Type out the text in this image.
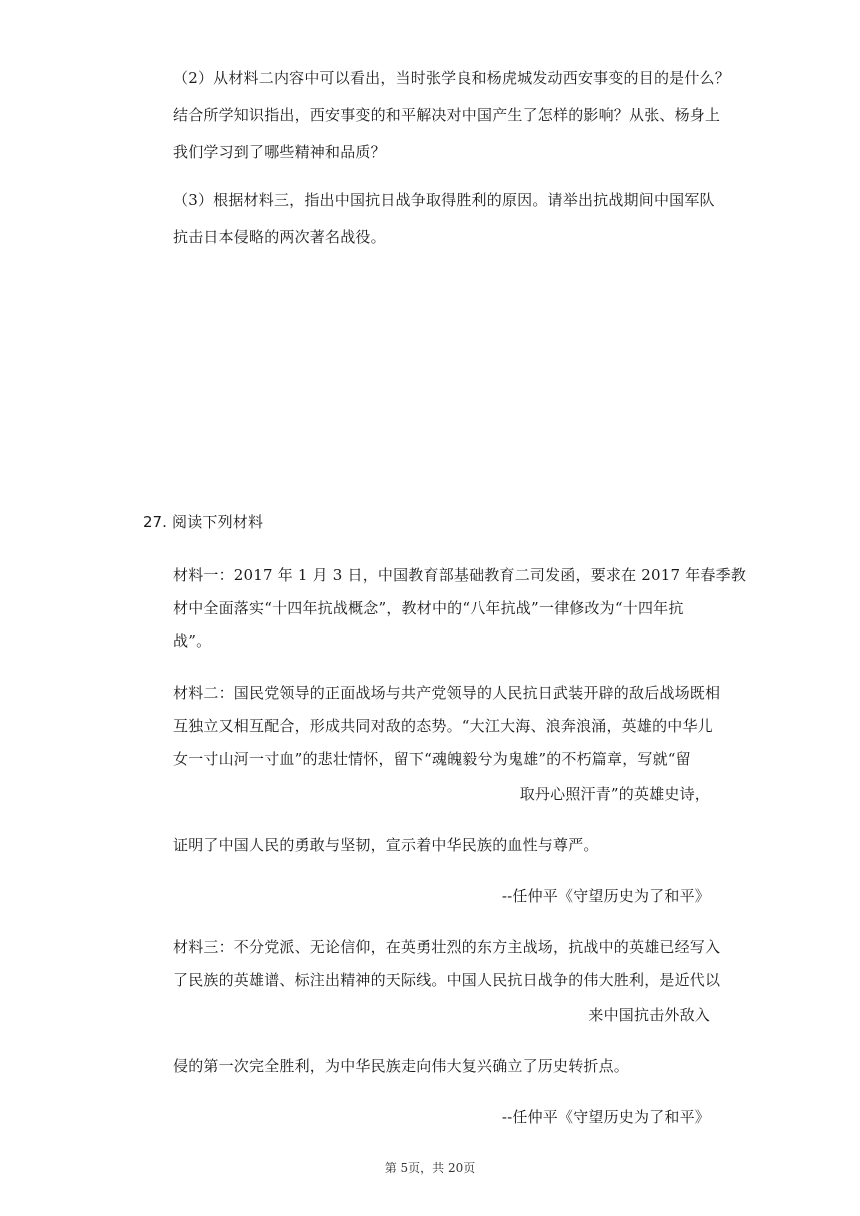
（2）从材料二内容中可以看出，当时张学良和杨虎城发动西安事变的目的是什么？
结合所学知识指出，西安事变的和平解决对中国产生了怎样的影响？从张、杨身上
我们学习到了哪些精神和品质？
（3）根据材料三，指出中国抗日战争取得胜利的原因。请举出抗战期间中国军队
抗击日本侵略的两次著名战役。
27. 阅读下列材料
材料一：2017 年 1 月 3 日，中国教育部基础教育二司发函，要求在 2017 年春季教
材中全面落实“十四年抗战概念”，教材中的“八年抗战”一律修改为“十四年抗
战”。
材料二：国民党领导的正面战场与共产党领导的人民抗日武装开辟的敌后战场既相
互独立又相互配合，形成共同对敌的态势。“大江大海、浪奔浪涌，英雄的中华儿
女一寸山河一寸血”的悲壮情怀，留下“魂魄毅兮为鬼雄”的不朽篇章，写就“留
取丹心照汗青”的英雄史诗，
证明了中国人民的勇敢与坚韧，宣示着中华民族的血性与尊严。
--任仲平《守望历史为了和平》
材料三：不分党派、无论信仰，在英勇壮烈的东方主战场，抗战中的英雄已经写入
了民族的英雄谱、标注出精神的天际线。中国人民抗日战争的伟大胜利，是近代以
来中国抗击外敌入
侵的第一次完全胜利，为中华民族走向伟大复兴确立了历史转折点。
--任仲平《守望历史为了和平》
第 5页，共 20页
